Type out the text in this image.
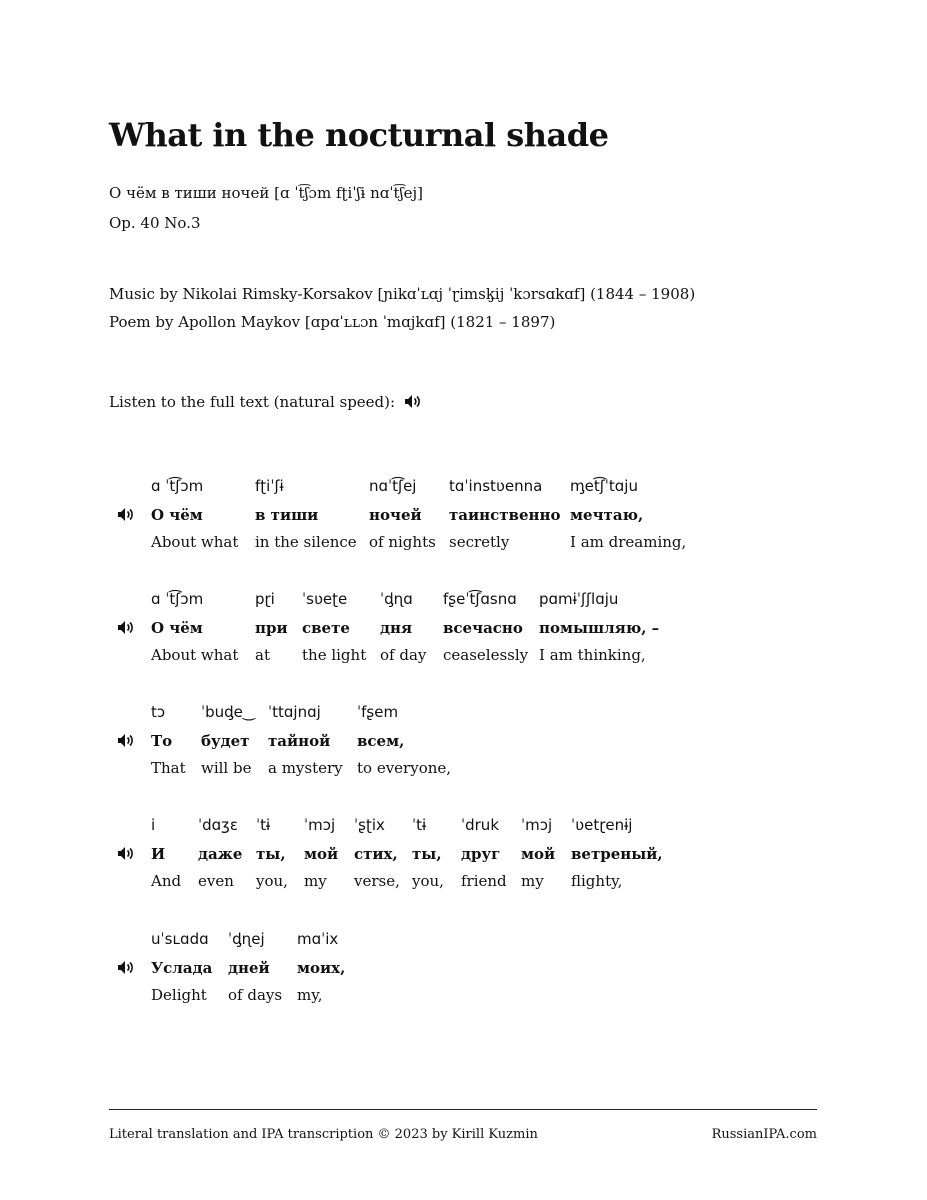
What in the nocturnal shade
О чём в тиши ночей [ɑ ˈt͡ʃɔm fʈiˈʃɨ nɑˈt͡ʃej]
Op. 40 No.3
Music by Nikolai Rimsky-Korsakov [ɲikɑˈʟɑj ˈɽimsk̡ij ˈkɔrsɑkɑf] (1844 – 1908)
Poem by Apollon Maykov [ɑpɑˈʟʟɔn ˈmɑjkɑf] (1821 – 1897)
Listen to the full text (natural speed):
ɑ ˈt͡ʃɔm
О чём
About what
fʈiˈʃɨ
в тиши
in the silence
nɑˈt͡ʃej
ночей
of nights
tɑˈinstʋenna
таинственно
secretly
m̡et͡ʃˈtɑju
мечтаю,
I am dreaming,
ɑ ˈt͡ʃɔm
О чём
About what
pɽi
при
at
ˈsʋeʈe
свете
the light
ˈd̡ɳɑ
дня
of day
fʂeˈt͡ʃɑsnɑ
всечасно
ceaselessly
pɑmɨˈʃʃlɑju
помышляю, –
I am thinking,
tɔ
То
That
ˈbud̡e‿
будет
will be
ˈttɑjnɑj
тайной
a mystery
ˈfʂem
всем,
to everyone,
i
И
And
ˈdɑʒɛ
даже
even
ˈtɨ
ты,
you,
ˈmɔj
мой
my
ˈʂʈix
стих,
verse,
ˈtɨ
ты,
you,
ˈdruk
друг
friend
ˈmɔj
мой
my
ˈʋetɽenɨj
ветреный,
flighty,
uˈsʟɑdɑ
Услада
Delight
ˈd̡ɳej
дней
of days
mɑˈix
моих,
my,
Literal translation and IPA transcription © 2023 by Kirill Kuzmin	RussianIPA.com
